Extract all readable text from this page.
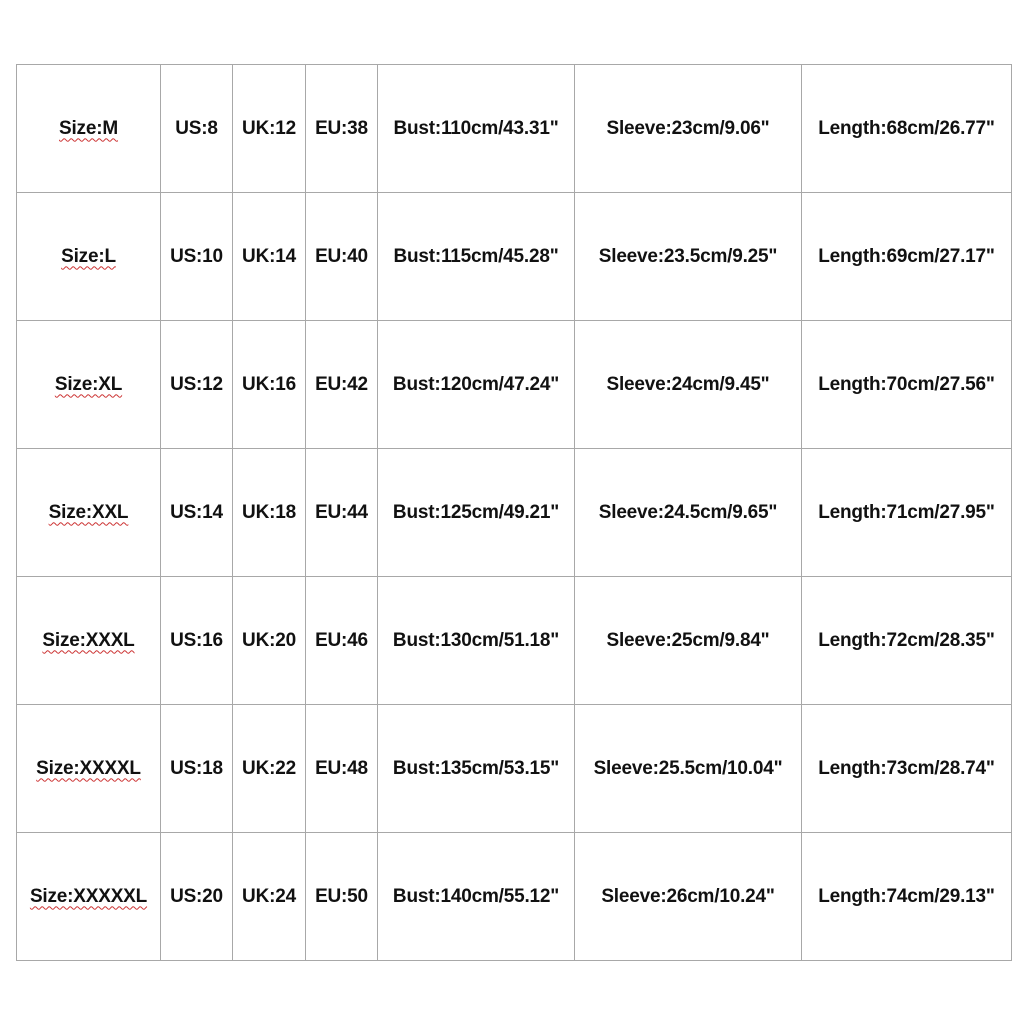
Size:M	US:8	UK:12	EU:38	Bust:110cm/43.31"	Sleeve:23cm/9.06"	Length:68cm/26.77"
Size:L	US:10	UK:14	EU:40	Bust:115cm/45.28"	Sleeve:23.5cm/9.25"	Length:69cm/27.17"
Size:XL	US:12	UK:16	EU:42	Bust:120cm/47.24"	Sleeve:24cm/9.45"	Length:70cm/27.56"
Size:XXL	US:14	UK:18	EU:44	Bust:125cm/49.21"	Sleeve:24.5cm/9.65"	Length:71cm/27.95"
Size:XXXL	US:16	UK:20	EU:46	Bust:130cm/51.18"	Sleeve:25cm/9.84"	Length:72cm/28.35"
Size:XXXXL	US:18	UK:22	EU:48	Bust:135cm/53.15"	Sleeve:25.5cm/10.04"	Length:73cm/28.74"
Size:XXXXXL	US:20	UK:24	EU:50	Bust:140cm/55.12"	Sleeve:26cm/10.24"	Length:74cm/29.13"
